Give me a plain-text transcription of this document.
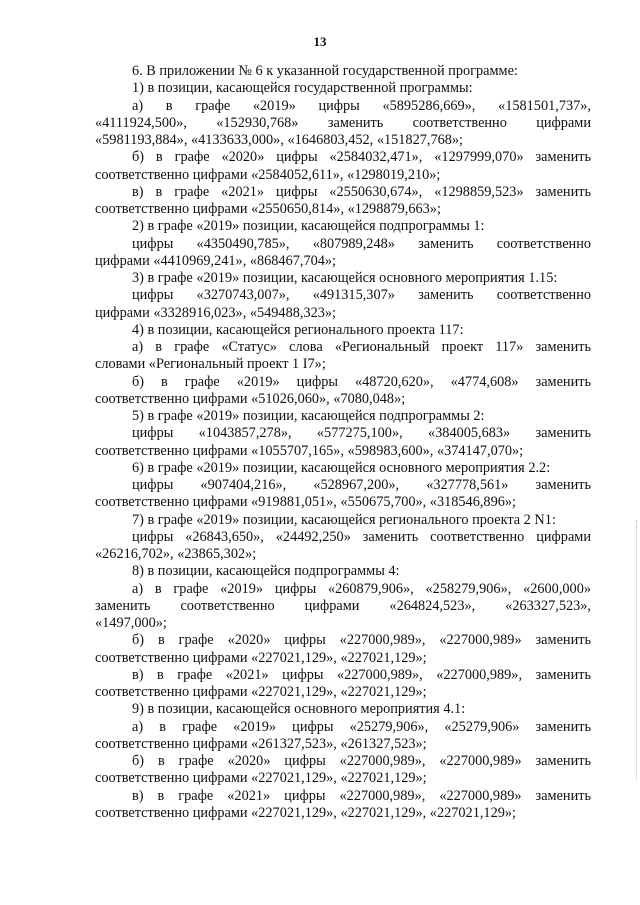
13
6. В приложении № 6 к указанной государственной программе:
1) в позиции, касающейся государственной программы:
а) в графе «2019» цифры «5895286,669», «1581501,737»,
«4111924,500», «152930,768» заменить соответственно цифрами
«5981193,884», «4133633,000», «1646803,452, «151827,768»;
б) в графе «2020» цифры «2584032,471», «1297999,070» заменить
соответственно цифрами «2584052,611», «1298019,210»;
в) в графе «2021» цифры «2550630,674», «1298859,523» заменить
соответственно цифрами «2550650,814», «1298879,663»;
2) в графе «2019» позиции, касающейся подпрограммы 1:
цифры «4350490,785», «807989,248» заменить соответственно
цифрами «4410969,241», «868467,704»;
3) в графе «2019» позиции, касающейся основного мероприятия 1.15:
цифры «3270743,007», «491315,307» заменить соответственно
цифрами «3328916,023», «549488,323»;
4) в позиции, касающейся регионального проекта 117:
а) в графе «Статус» слова «Региональный проект 117» заменить
словами «Региональный проект 1 I7»;
б) в графе «2019» цифры «48720,620», «4774,608» заменить
соответственно цифрами «51026,060», «7080,048»;
5) в графе «2019» позиции, касающейся подпрограммы 2:
цифры «1043857,278», «577275,100», «384005,683» заменить
соответственно цифрами «1055707,165», «598983,600», «374147,070»;
6) в графе «2019» позиции, касающейся основного мероприятия 2.2:
цифры «907404,216», «528967,200», «327778,561» заменить
соответственно цифрами «919881,051», «550675,700», «318546,896»;
7) в графе «2019» позиции, касающейся регионального проекта 2 N1:
цифры «26843,650», «24492,250» заменить соответственно цифрами
«26216,702», «23865,302»;
8) в позиции, касающейся подпрограммы 4:
а) в графе «2019» цифры «260879,906», «258279,906», «2600,000»
заменить соответственно цифрами «264824,523», «263327,523»,
«1497,000»;
б) в графе «2020» цифры «227000,989», «227000,989» заменить
соответственно цифрами «227021,129», «227021,129»;
в) в графе «2021» цифры «227000,989», «227000,989», заменить
соответственно цифрами «227021,129», «227021,129»;
9) в позиции, касающейся основного мероприятия 4.1:
а) в графе «2019» цифры «25279,906», «25279,906» заменить
соответственно цифрами «261327,523», «261327,523»;
б) в графе «2020» цифры «227000,989», «227000,989» заменить
соответственно цифрами «227021,129», «227021,129»;
в) в графе «2021» цифры «227000,989», «227000,989» заменить
соответственно цифрами «227021,129», «227021,129», «227021,129»;
